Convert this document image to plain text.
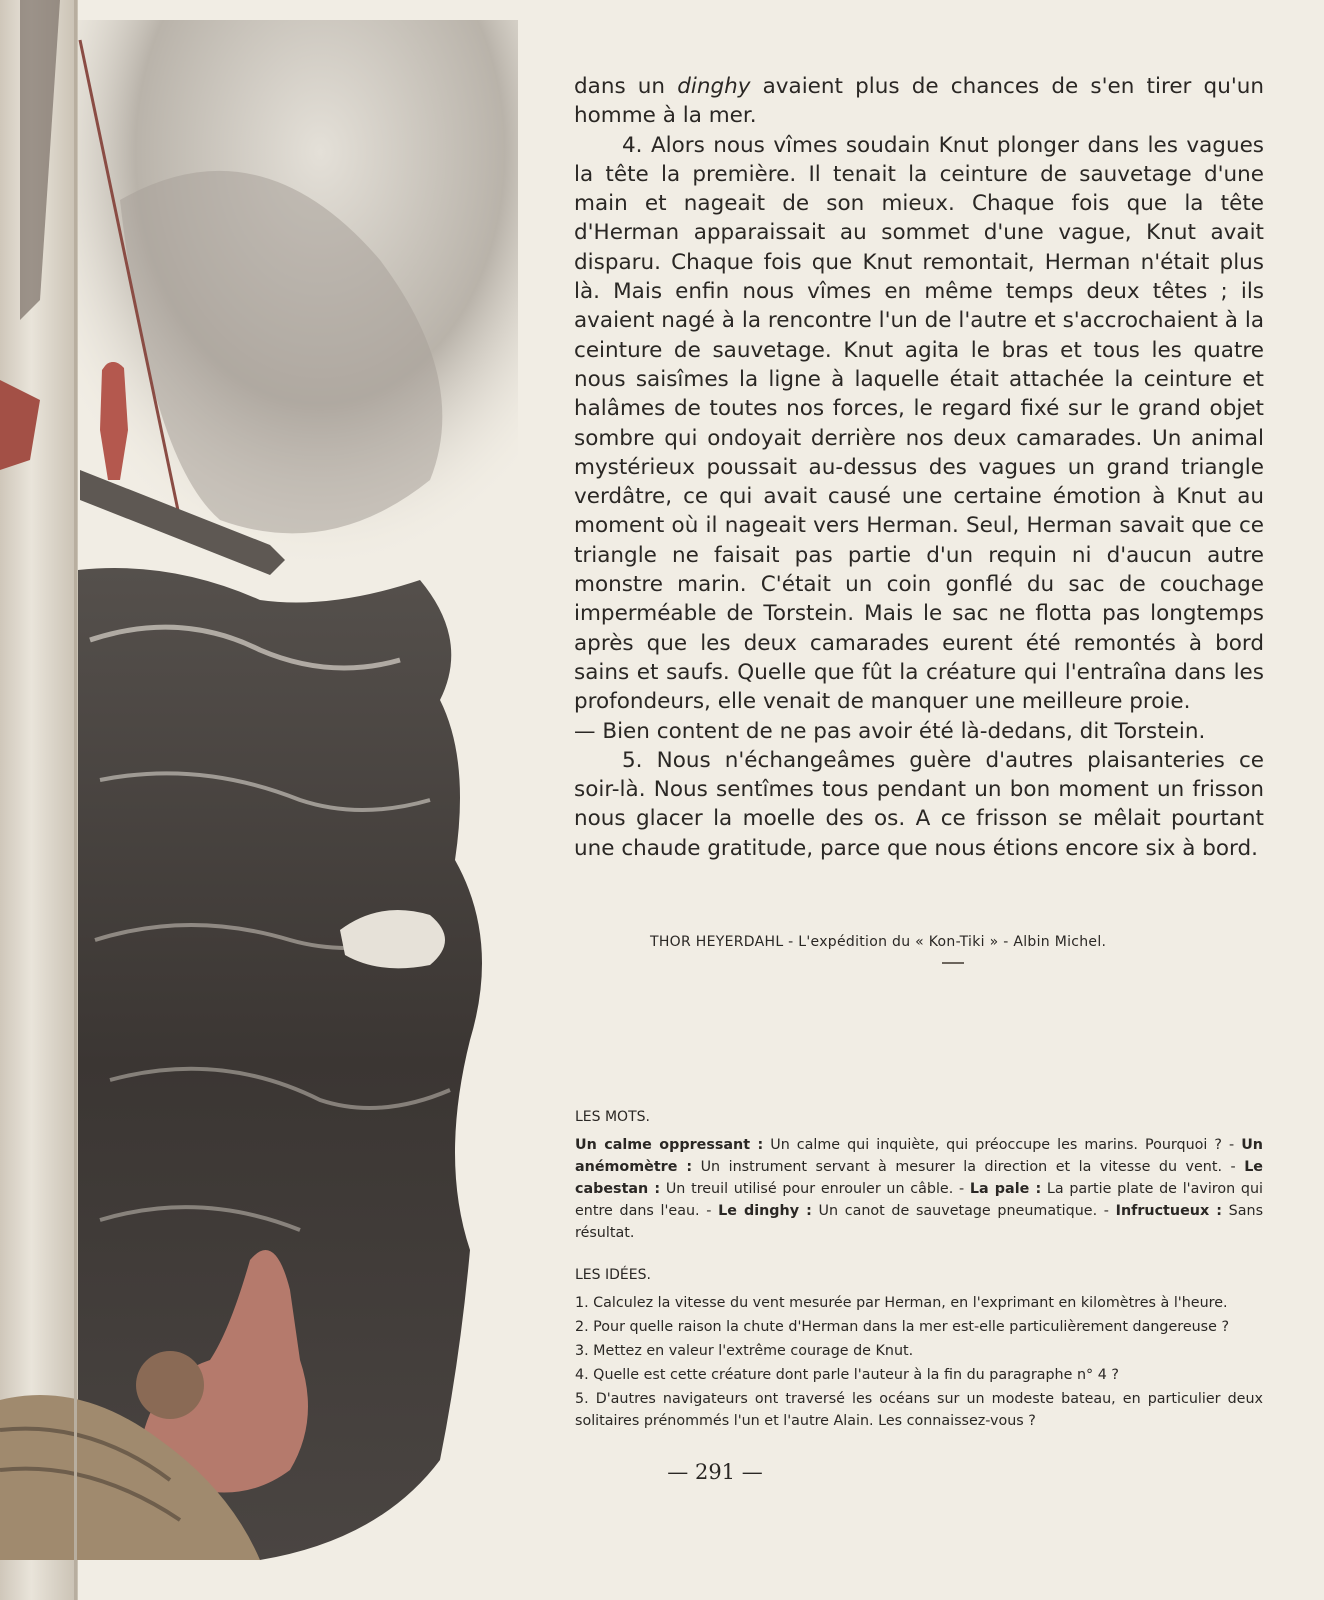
dans un dinghy avaient plus de chances de s'en tirer qu'un homme à la mer.

4. Alors nous vîmes soudain Knut plonger dans les vagues la tête la première. Il tenait la ceinture de sauvetage d'une main et nageait de son mieux. Chaque fois que la tête d'Herman apparaissait au sommet d'une vague, Knut avait disparu. Chaque fois que Knut remontait, Herman n'était plus là. Mais enfin nous vîmes en même temps deux têtes ; ils avaient nagé à la rencontre l'un de l'autre et s'accrochaient à la ceinture de sauvetage. Knut agita le bras et tous les quatre nous saisîmes la ligne à laquelle était attachée la ceinture et halâmes de toutes nos forces, le regard fixé sur le grand objet sombre qui ondoyait derrière nos deux camarades. Un animal mystérieux poussait au-dessus des vagues un grand triangle verdâtre, ce qui avait causé une certaine émotion à Knut au moment où il nageait vers Herman. Seul, Herman savait que ce triangle ne faisait pas partie d'un requin ni d'aucun autre monstre marin. C'était un coin gonflé du sac de couchage imperméable de Torstein. Mais le sac ne flotta pas longtemps après que les deux camarades eurent été remontés à bord sains et saufs. Quelle que fût la créature qui l'entraîna dans les profondeurs, elle venait de manquer une meilleure proie.

— Bien content de ne pas avoir été là-dedans, dit Torstein.

5. Nous n'échangeâmes guère d'autres plaisanteries ce soir-là. Nous sentîmes tous pendant un bon moment un frisson nous glacer la moelle des os. A ce frisson se mêlait pourtant une chaude gratitude, parce que nous étions encore six à bord.

THOR HEYERDAHL - L'expédition du « Kon-Tiki » - Albin Michel.
LES MOTS.
Un calme oppressant : Un calme qui inquiète, qui préoccupe les marins. Pourquoi ? - Un anémomètre : Un instrument servant à mesurer la direction et la vitesse du vent. - Le cabestan : Un treuil utilisé pour enrouler un câble. - La pale : La partie plate de l'aviron qui entre dans l'eau. - Le dinghy : Un canot de sauvetage pneumatique. - Infructueux : Sans résultat.
LES IDÉES.
1. Calculez la vitesse du vent mesurée par Herman, en l'exprimant en kilomètres à l'heure.
2. Pour quelle raison la chute d'Herman dans la mer est-elle particulièrement dangereuse ?
3. Mettez en valeur l'extrême courage de Knut.
4. Quelle est cette créature dont parle l'auteur à la fin du paragraphe n° 4 ?
5. D'autres navigateurs ont traversé les océans sur un modeste bateau, en particulier deux solitaires prénommés l'un et l'autre Alain. Les connaissez-vous ?
— 291 —
